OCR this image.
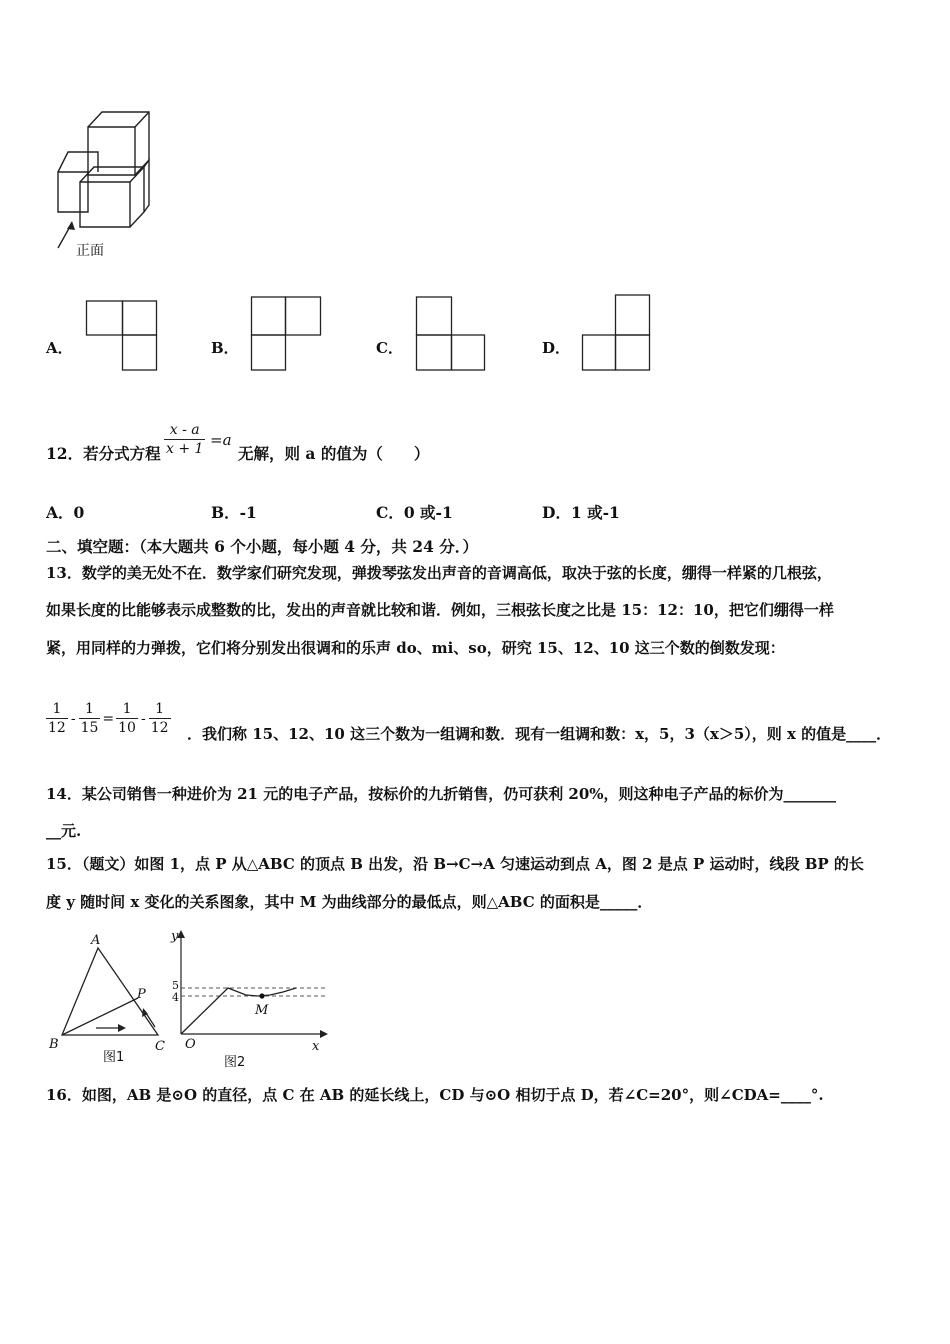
正面
A．	B．	C．	D．
12．若分式方程 $\frac{x - a}{x + 1} =a$
无解，则 a 的值为（　　）
A．0	B．-1	C．0 或-1	D．1 或-1
二、填空题：（本大题共 6 个小题，每小题 4 分，共 24 分．）
13．数学的美无处不在．数学家们研究发现，弹拨琴弦发出声音的音调高低，取决于弦的长度，绷得一样紧的几根弦，
如果长度的比能够表示成整数的比，发出的声音就比较和谐．例如，三根弦长度之比是 15：12：10，把它们绷得一样
紧，用同样的力弹拨，它们将分别发出很调和的乐声 do、mi、so，研究 15、12、10 这三个数的倒数发现：
$\frac{1}{12} - \frac{1}{15} = \frac{1}{10} - \frac{1}{12}$ ．我们称 15、12、10 这三个数为一组调和数．现有一组调和数：x，5，3（x＞5），则 x 的值是____．
14．某公司销售一种进价为 21 元的电子产品，按标价的九折销售，仍可获利 20%，则这种电子产品的标价为_______
__元.
15．（题文）如图 1，点 P 从△ABC 的顶点 B 出发，沿 B→C→A 匀速运动到点 A，图 2 是点 P 运动时，线段 BP 的长
度 y 随时间 x 变化的关系图象，其中 M 为曲线部分的最低点，则△ABC 的面积是_____．
A
B	C
P
图1
y
x
O
M
5
4
图2
16．如图，AB 是⊙O 的直径，点 C 在 AB 的延长线上，CD 与⊙O 相切于点 D，若∠C=20°，则∠CDA=____°.
